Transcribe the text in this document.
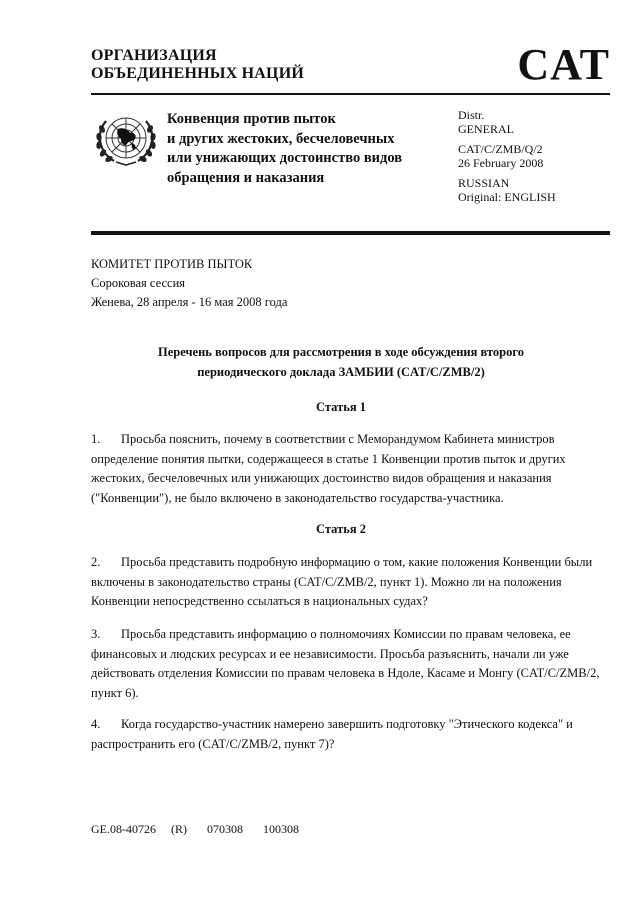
ОРГАНИЗАЦИЯ
ОБЪЕДИНЕННЫХ НАЦИЙ	CAT
Конвенция против пыток
и других жестоких, бесчеловечных
или унижающих достоинство видов
обращения и наказания
Distr.
GENERAL
CAT/C/ZMB/Q/2
26 February 2008
RUSSIAN
Original: ENGLISH
КОМИТЕТ ПРОТИВ ПЫТОК
Сороковая сессия
Женева, 28 апреля - 16 мая 2008 года
Перечень вопросов для рассмотрения в ходе обсуждения второго
периодического доклада ЗАМБИИ (CAT/C/ZMB/2)
Статья 1
1. Просьба пояснить, почему в соответствии с Меморандумом Кабинета министров определение понятия пытки, содержащееся в статье 1 Конвенции против пыток и других жестоких, бесчеловечных или унижающих достоинство видов обращения и наказания ("Конвенции"), не было включено в законодательство государства-участника.
Статья 2
2. Просьба представить подробную информацию о том, какие положения Конвенции были включены в законодательство страны (CAT/C/ZMB/2, пункт 1). Можно ли на положения Конвенции непосредственно ссылаться в национальных судах?
3. Просьба представить информацию о полномочиях Комиссии по правам человека, ее финансовых и людских ресурсах и ее независимости. Просьба разъяснить, начали ли уже действовать отделения Комиссии по правам человека в Ндоле, Касаме и Монгу (CAT/C/ZMB/2, пункт 6).
4. Когда государство-участник намерено завершить подготовку "Этического кодекса" и распространить его (CAT/C/ZMB/2, пункт 7)?
GE.08-40726   (R)    070308    100308
